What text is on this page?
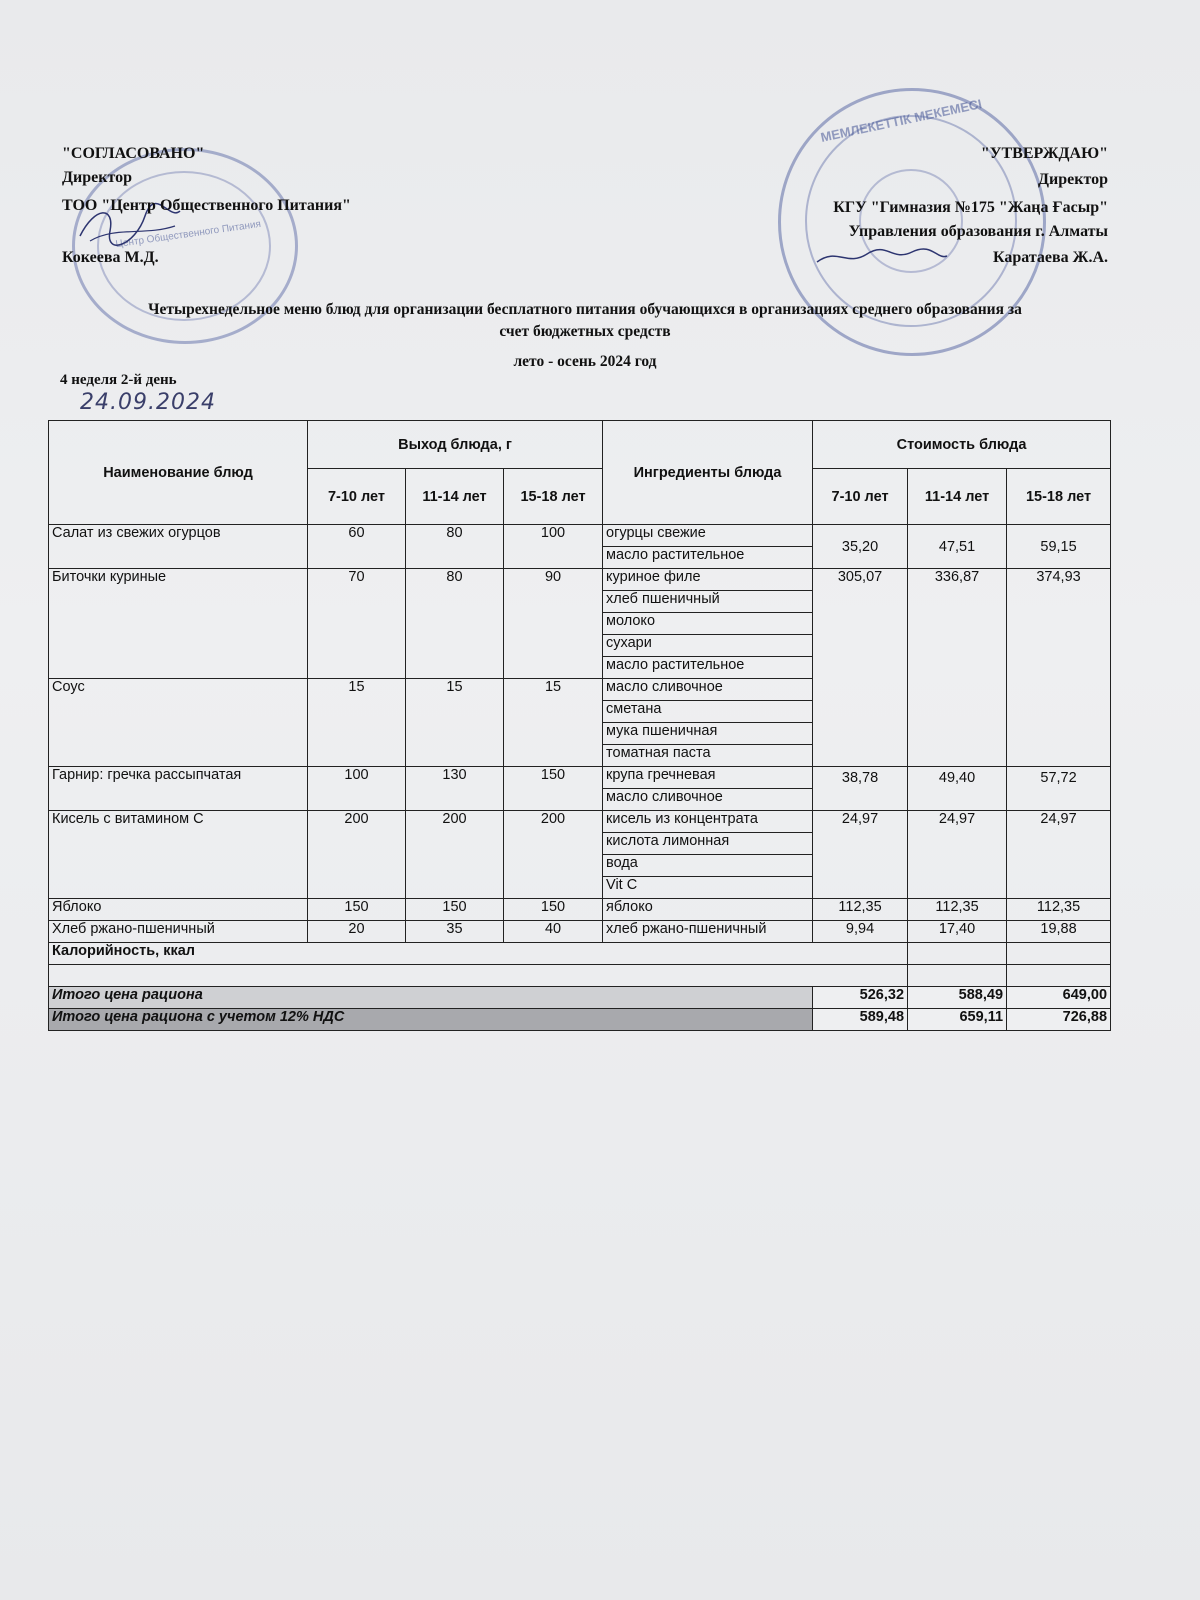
Центр Общественного Питания
МЕМЛЕКЕТТІК МЕКЕМЕСІ
"СОГЛАСОВАНО"
Директор
ТОО "Центр Общественного Питания"
Кокеева М.Д.
"УТВЕРЖДАЮ"
Директор
КГУ "Гимназия №175 "Жаңа Ғасыр"
Управления образования г. Алматы
Каратаева Ж.А.
Четырехнедельное меню блюд для организации бесплатного питания обучающихся в организациях среднего образования за
счет бюджетных средств
лето - осень 2024 год
4 неделя 2-й день
24.09.2024
Наименование блюд	Выход блюда, г			Ингредиенты блюда	Стоимость блюда		
	7-10 лет	11-14 лет	15-18 лет		7-10 лет	11-14 лет	15-18 лет
Салат из свежих огурцов	60	80	100	огурцы свежие	35,20	47,51	59,15
				масло растительное			
Биточки куриные	70	80	90	куриное филе	305,07	336,87	374,93
				хлеб пшеничный			
				молоко			
				сухари			
				масло растительное			
Соус	15	15	15	масло сливочное			
				сметана			
				мука пшеничная			
				томатная паста			
Гарнир: гречка рассыпчатая	100	130	150	крупа гречневая	38,78	49,40	57,72
				масло сливочное			
Кисель с витамином С	200	200	200	кисель из концентрата	24,97	24,97	24,97
				кислота лимонная			
				вода			
				Vit C			
Яблоко	150	150	150	яблоко	112,35	112,35	112,35
Хлеб ржано-пшеничный	20	35	40	хлеб ржано-пшеничный	9,94	17,40	19,88
Калорийность, ккал							

Итого цена рациона					526,32	588,49	649,00
Итого цена рациона с учетом 12% НДС					589,48	659,11	726,88
